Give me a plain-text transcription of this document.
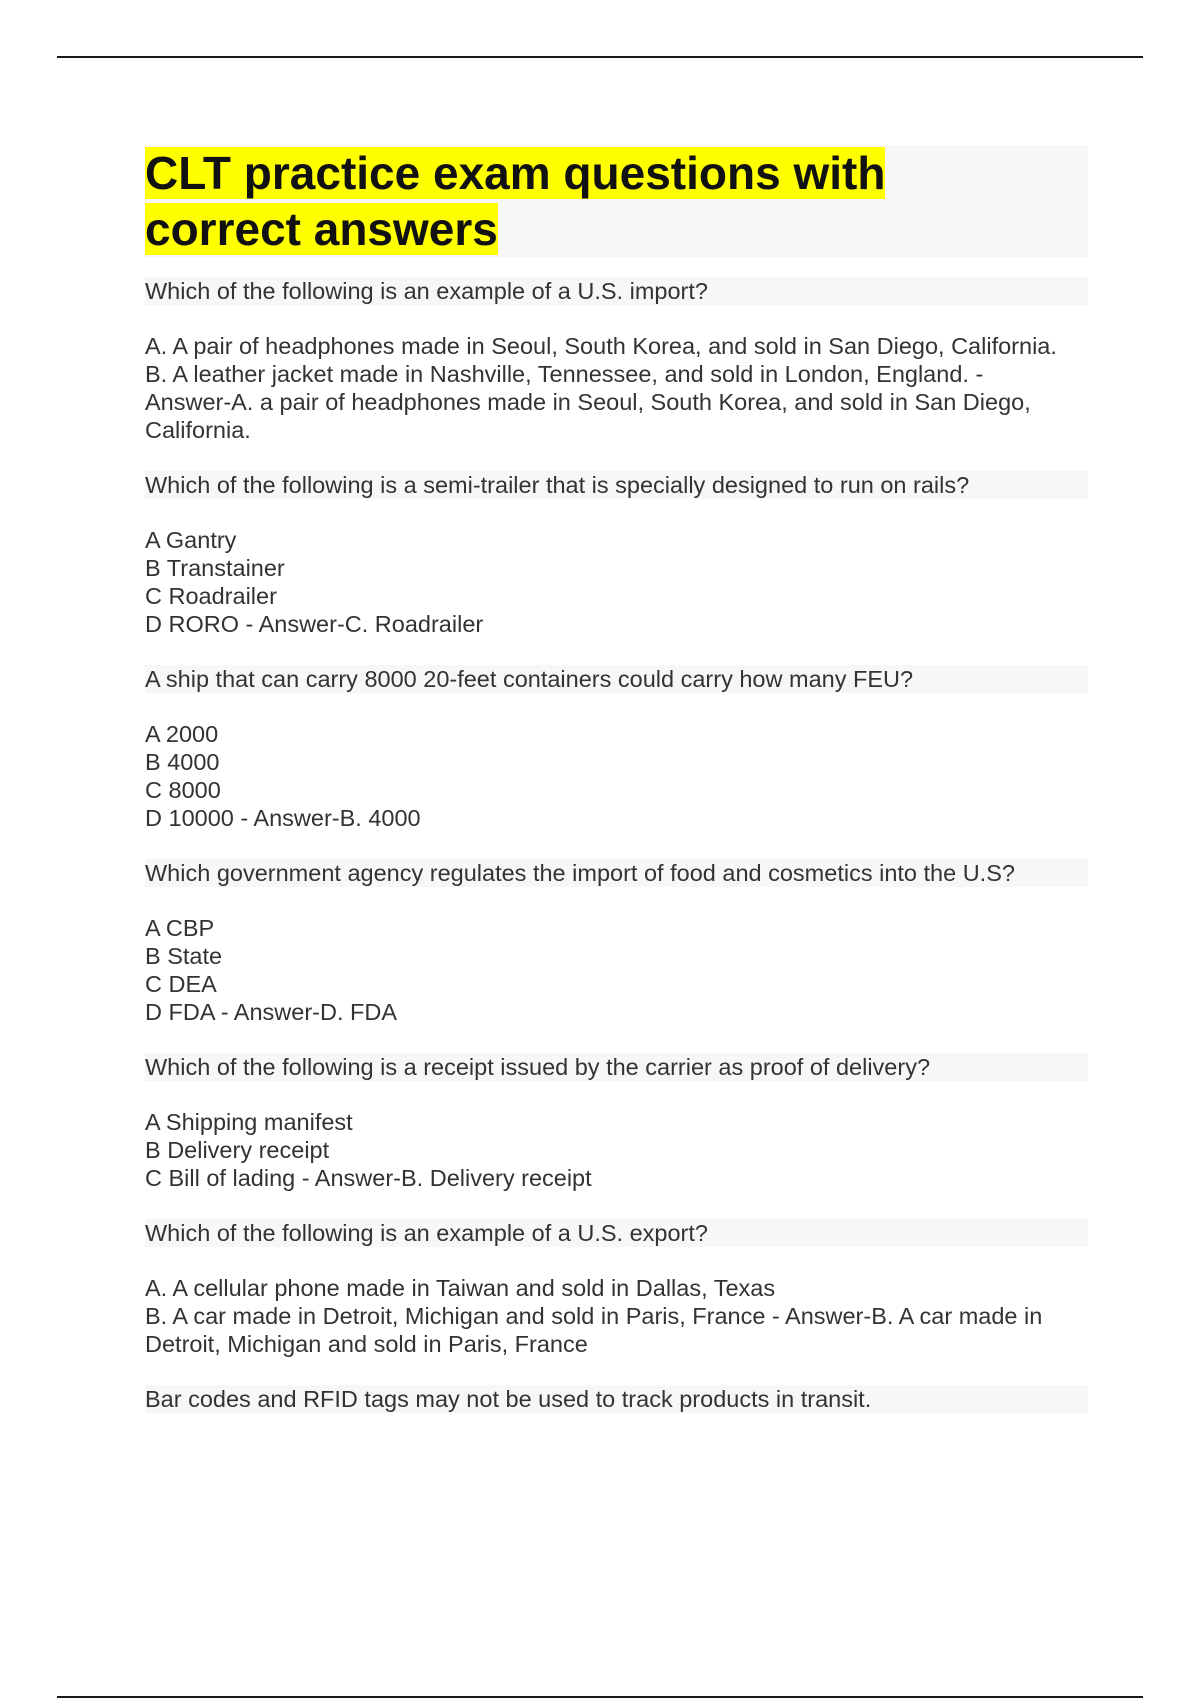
CLT practice exam questions with
correct answers

Which of the following is an example of a U.S. import?

A. A pair of headphones made in Seoul, South Korea, and sold in San Diego, California.
B. A leather jacket made in Nashville, Tennessee, and sold in London, England. -
Answer-A. a pair of headphones made in Seoul, South Korea, and sold in San Diego,
California.

Which of the following is a semi-trailer that is specially designed to run on rails?

A Gantry
B Transtainer
C Roadrailer
D RORO - Answer-C. Roadrailer

A ship that can carry 8000 20-feet containers could carry how many FEU?

A 2000
B 4000
C 8000
D 10000 - Answer-B. 4000

Which government agency regulates the import of food and cosmetics into the U.S?

A CBP
B State
C DEA
D FDA - Answer-D. FDA

Which of the following is a receipt issued by the carrier as proof of delivery?

A Shipping manifest
B Delivery receipt
C Bill of lading - Answer-B. Delivery receipt

Which of the following is an example of a U.S. export?

A. A cellular phone made in Taiwan and sold in Dallas, Texas
B. A car made in Detroit, Michigan and sold in Paris, France - Answer-B. A car made in
Detroit, Michigan and sold in Paris, France

Bar codes and RFID tags may not be used to track products in transit.
